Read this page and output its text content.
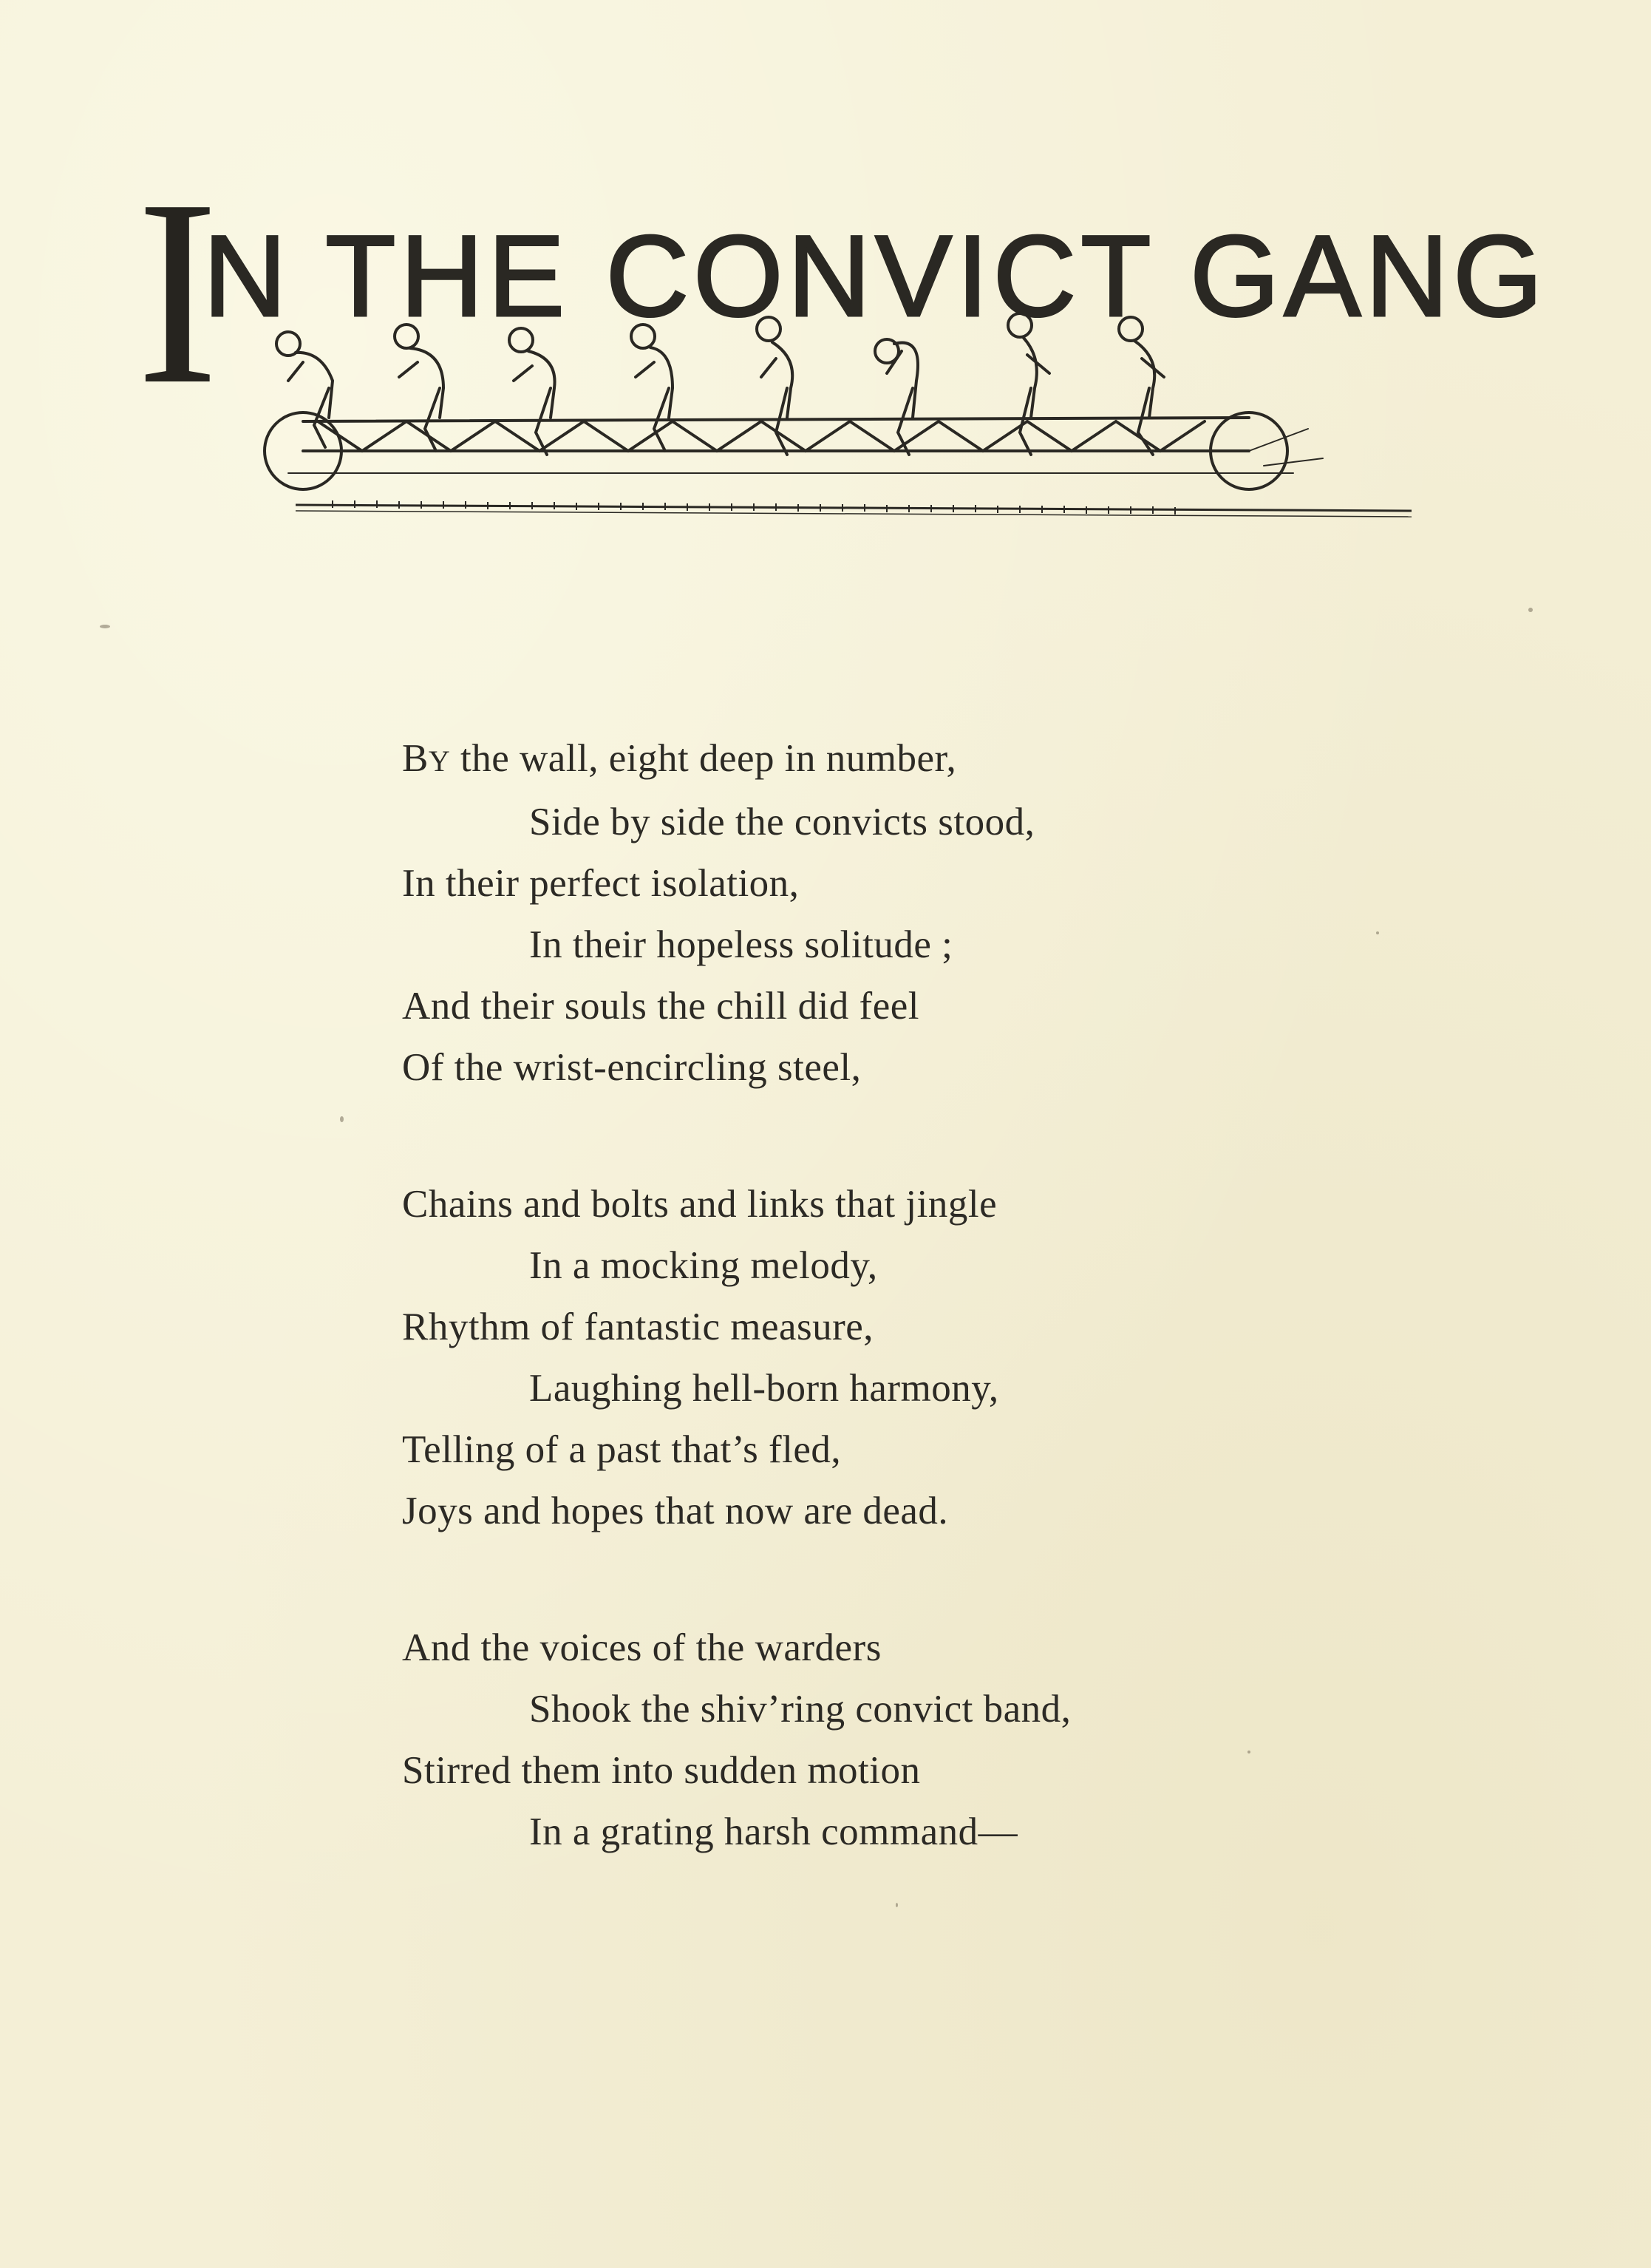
I
N THE CONVICT GANG
BY the wall, eight deep in number,
Side by side the convicts stood,
In their perfect isolation,
In their hopeless solitude ;
And their souls the chill did feel
Of the wrist-encircling steel,
Chains and bolts and links that jingle
In a mocking melody,
Rhythm of fantastic measure,
Laughing hell-born harmony,
Telling of a past that’s fled,
Joys and hopes that now are dead.
And the voices of the warders
Shook the shiv’ring convict band,
Stirred them into sudden motion
In a grating harsh command—
